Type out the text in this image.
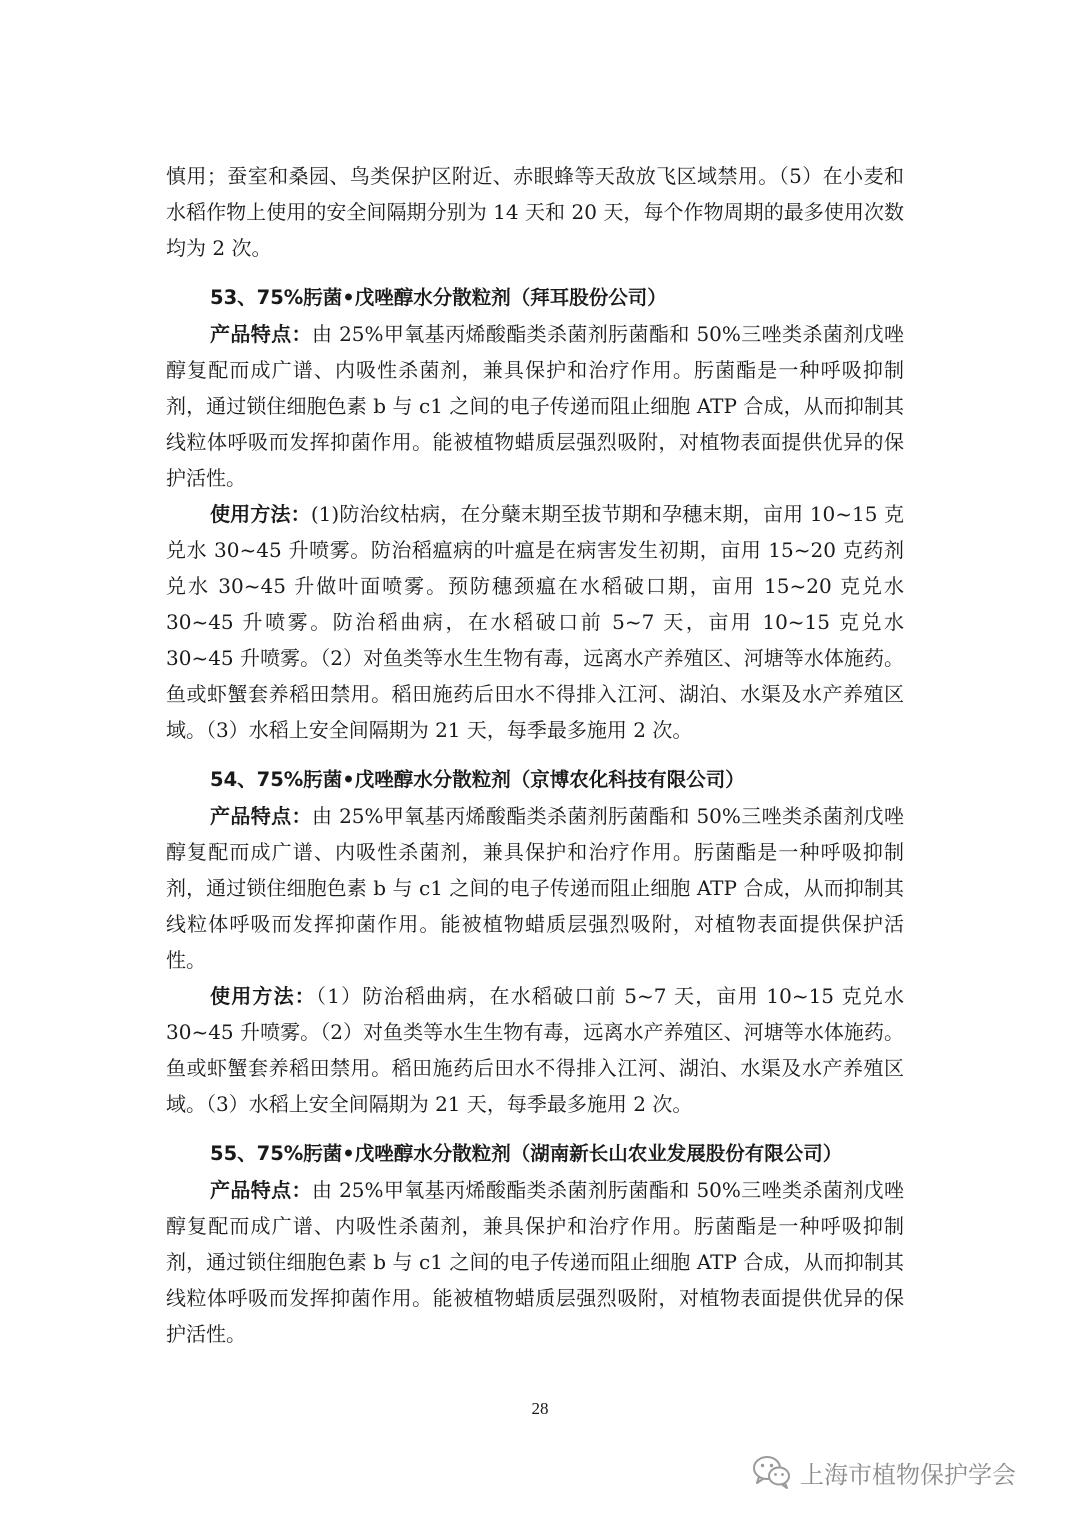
慎用；蚕室和桑园、鸟类保护区附近、赤眼蜂等天敌放飞区域禁用。（5）在小麦和水稻作物上使用的安全间隔期分别为 14 天和 20 天，每个作物周期的最多使用次数均为 2 次。

53、75%肟菌•戊唑醇水分散粒剂（拜耳股份公司）

产品特点：由 25%甲氧基丙烯酸酯类杀菌剂肟菌酯和 50%三唑类杀菌剂戊唑醇复配而成广谱、内吸性杀菌剂，兼具保护和治疗作用。肟菌酯是一种呼吸抑制剂，通过锁住细胞色素 b 与 c1 之间的电子传递而阻止细胞 ATP 合成，从而抑制其线粒体呼吸而发挥抑菌作用。能被植物蜡质层强烈吸附，对植物表面提供优异的保护活性。

使用方法：(1)防治纹枯病，在分蘖末期至拔节期和孕穗末期，亩用 10~15 克兑水 30~45 升喷雾。防治稻瘟病的叶瘟是在病害发生初期，亩用 15~20 克药剂兑水 30~45 升做叶面喷雾。预防穗颈瘟在水稻破口期，亩用 15~20 克兑水 30~45 升喷雾。防治稻曲病，在水稻破口前 5~7 天，亩用 10~15 克兑水 30~45 升喷雾。（2）对鱼类等水生生物有毒，远离水产养殖区、河塘等水体施药。鱼或虾蟹套养稻田禁用。稻田施药后田水不得排入江河、湖泊、水渠及水产养殖区域。（3）水稻上安全间隔期为 21 天，每季最多施用 2 次。

54、75%肟菌•戊唑醇水分散粒剂（京博农化科技有限公司）

产品特点：由 25%甲氧基丙烯酸酯类杀菌剂肟菌酯和 50%三唑类杀菌剂戊唑醇复配而成广谱、内吸性杀菌剂，兼具保护和治疗作用。肟菌酯是一种呼吸抑制剂，通过锁住细胞色素 b 与 c1 之间的电子传递而阻止细胞 ATP 合成，从而抑制其线粒体呼吸而发挥抑菌作用。能被植物蜡质层强烈吸附，对植物表面提供保护活性。

使用方法：（1）防治稻曲病，在水稻破口前 5~7 天，亩用 10~15 克兑水 30~45 升喷雾。（2）对鱼类等水生生物有毒，远离水产养殖区、河塘等水体施药。鱼或虾蟹套养稻田禁用。稻田施药后田水不得排入江河、湖泊、水渠及水产养殖区域。（3）水稻上安全间隔期为 21 天，每季最多施用 2 次。

55、75%肟菌•戊唑醇水分散粒剂（湖南新长山农业发展股份有限公司）

产品特点：由 25%甲氧基丙烯酸酯类杀菌剂肟菌酯和 50%三唑类杀菌剂戊唑醇复配而成广谱、内吸性杀菌剂，兼具保护和治疗作用。肟菌酯是一种呼吸抑制剂，通过锁住细胞色素 b 与 c1 之间的电子传递而阻止细胞 ATP 合成，从而抑制其线粒体呼吸而发挥抑菌作用。能被植物蜡质层强烈吸附，对植物表面提供优异的保护活性。

28
上海市植物保护学会
